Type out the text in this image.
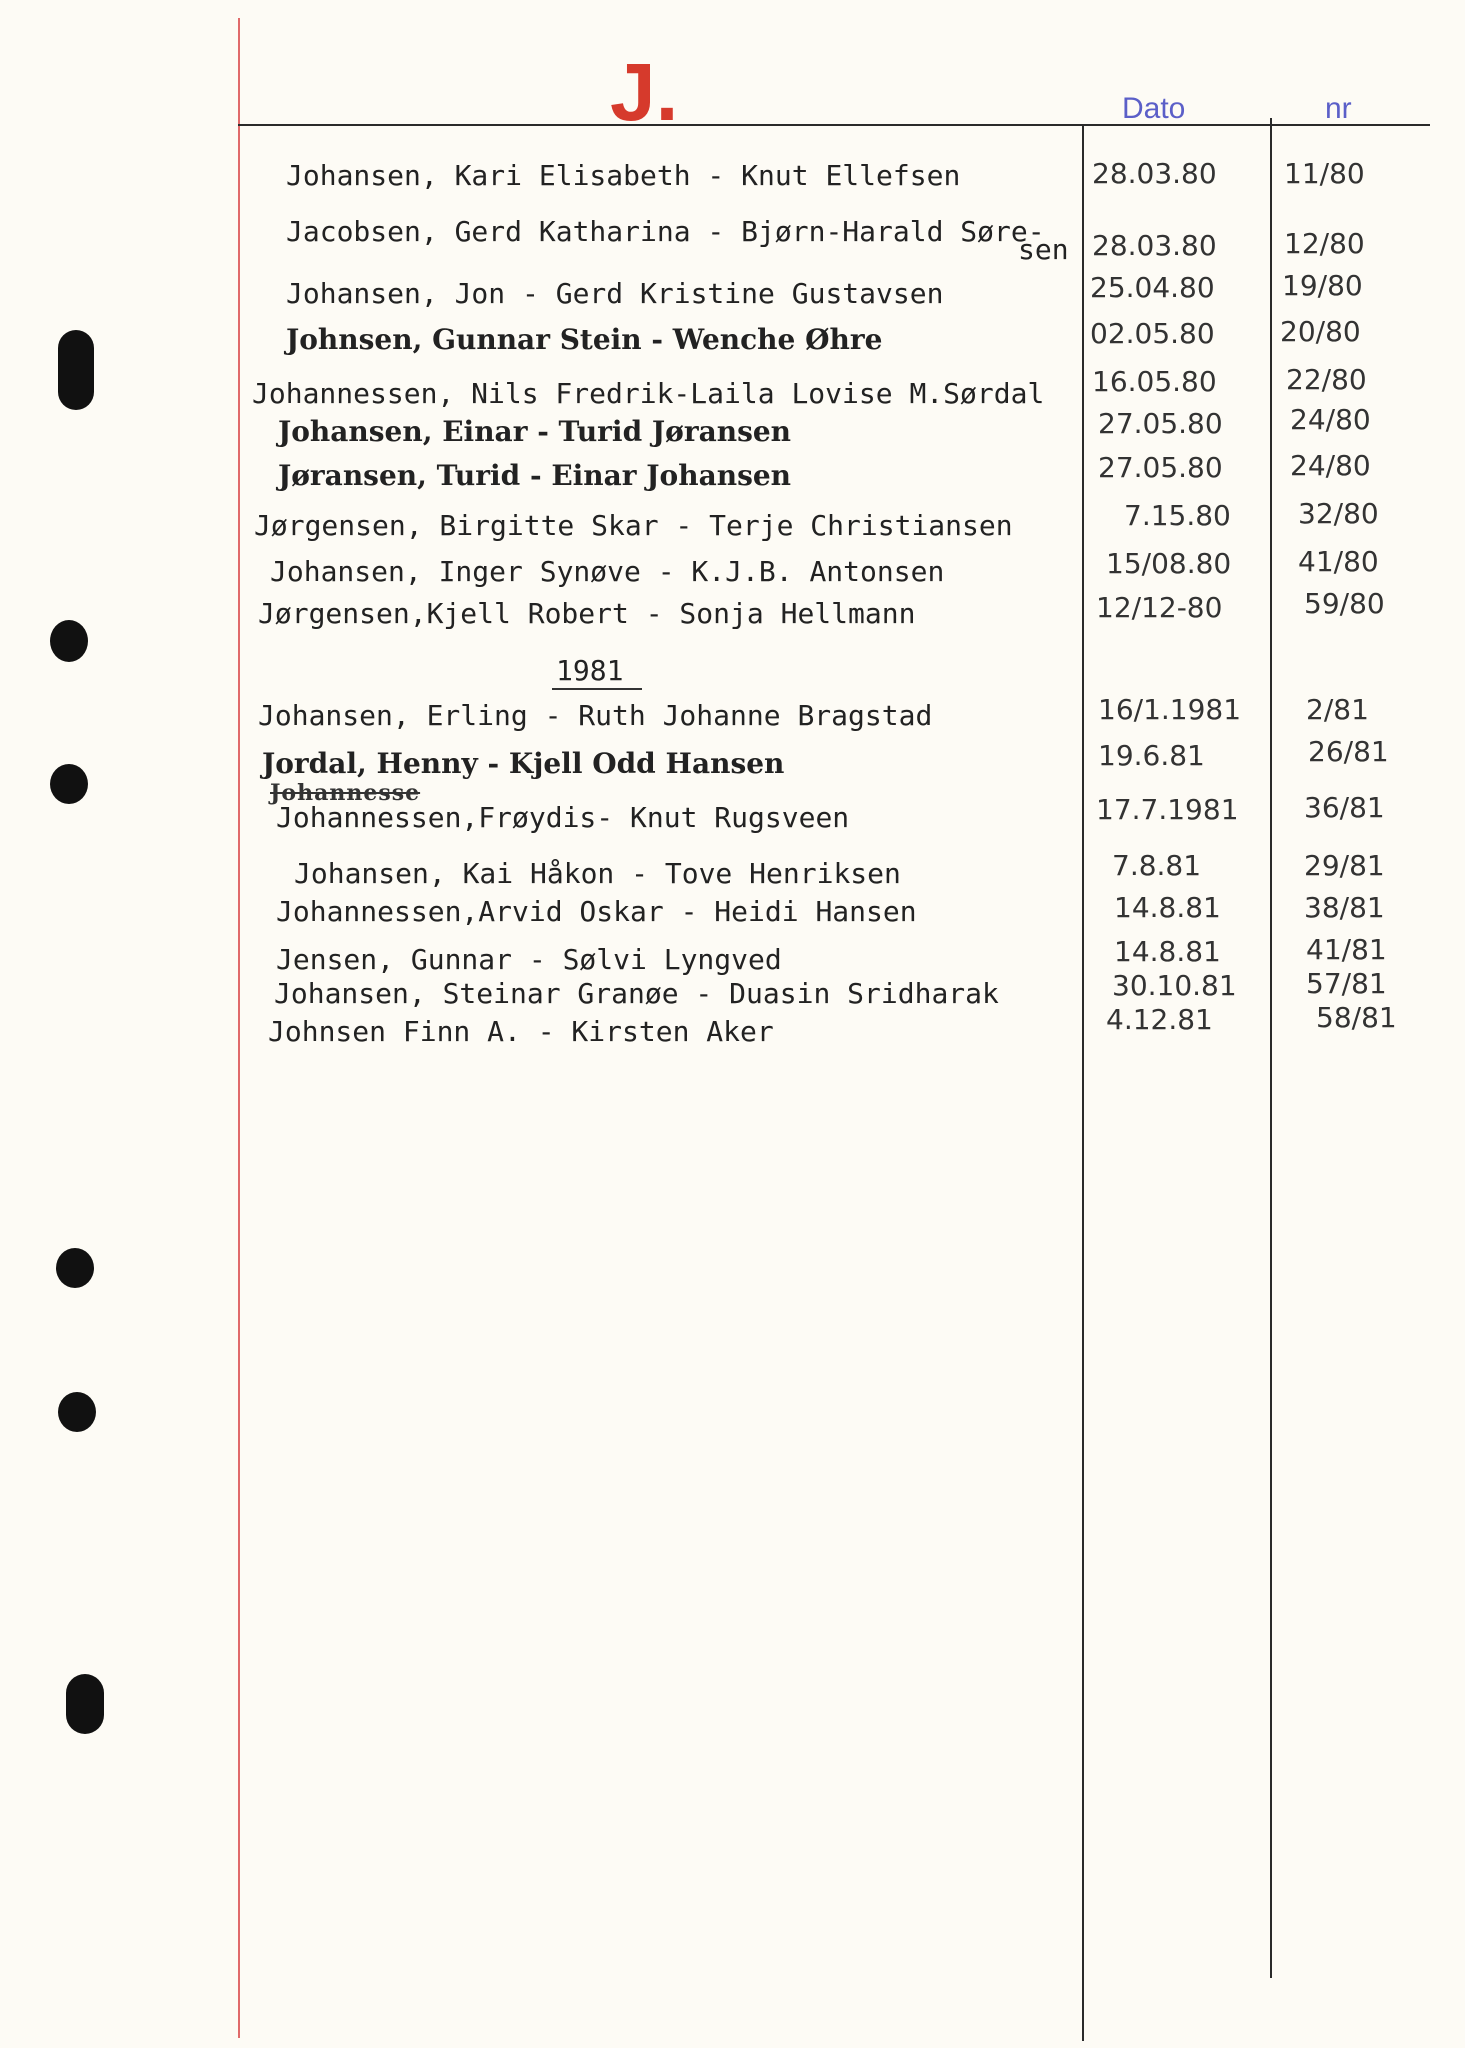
J.	Dato	nr
Johansen, Kari Elisabeth - Knut Ellefsen	28.03.80 11/80
Jacobsen, Gerd Katharina - Bjørn-Harald Søre-
sen 28.03.80 12/80
Johansen, Jon - Gerd Kristine Gustavsen	25.04.80 19/80
Johnsen, Gunnar Stein - Wenche Øhre	02.05.80 20/80
Johannessen, Nils Fredrik-Laila Lovise M.Sørdal 16.05.80 22/80
Johansen, Einar - Turid Jøransen	27.05.80 24/80
Jøransen, Turid - Einar Johansen	27.05.80 24/80
Jørgensen, Birgitte Skar - Terje Christiansen	7.15.80 32/80
Johansen, Inger Synøve - K.J.B. Antonsen	15/08.80 41/80
Jørgensen,Kjell Robert - Sonja Hellmann	12/12-80	59/80
1981
Johansen, Erling - Ruth Johanne Bragstad	16/1.1981 2/81
Jordal, Henny - Kjell Odd Hansen	19.6.81	26/81
Johannesse
Johannessen,Frøydis- Knut Rugsveen	17.7.1981 36/81
Johansen, Kai Håkon - Tove Henriksen	7.8.81	29/81
Johannessen,Arvid Oskar - Heidi Hansen	14.8.81	38/81
Jensen, Gunnar - Sølvi Lyngved	14.8.81	41/81
Johansen, Steinar Granøe - Duasin Sridharak	30.10.81 57/81
Johnsen Finn A. - Kirsten Aker	4.12.81	58/81
